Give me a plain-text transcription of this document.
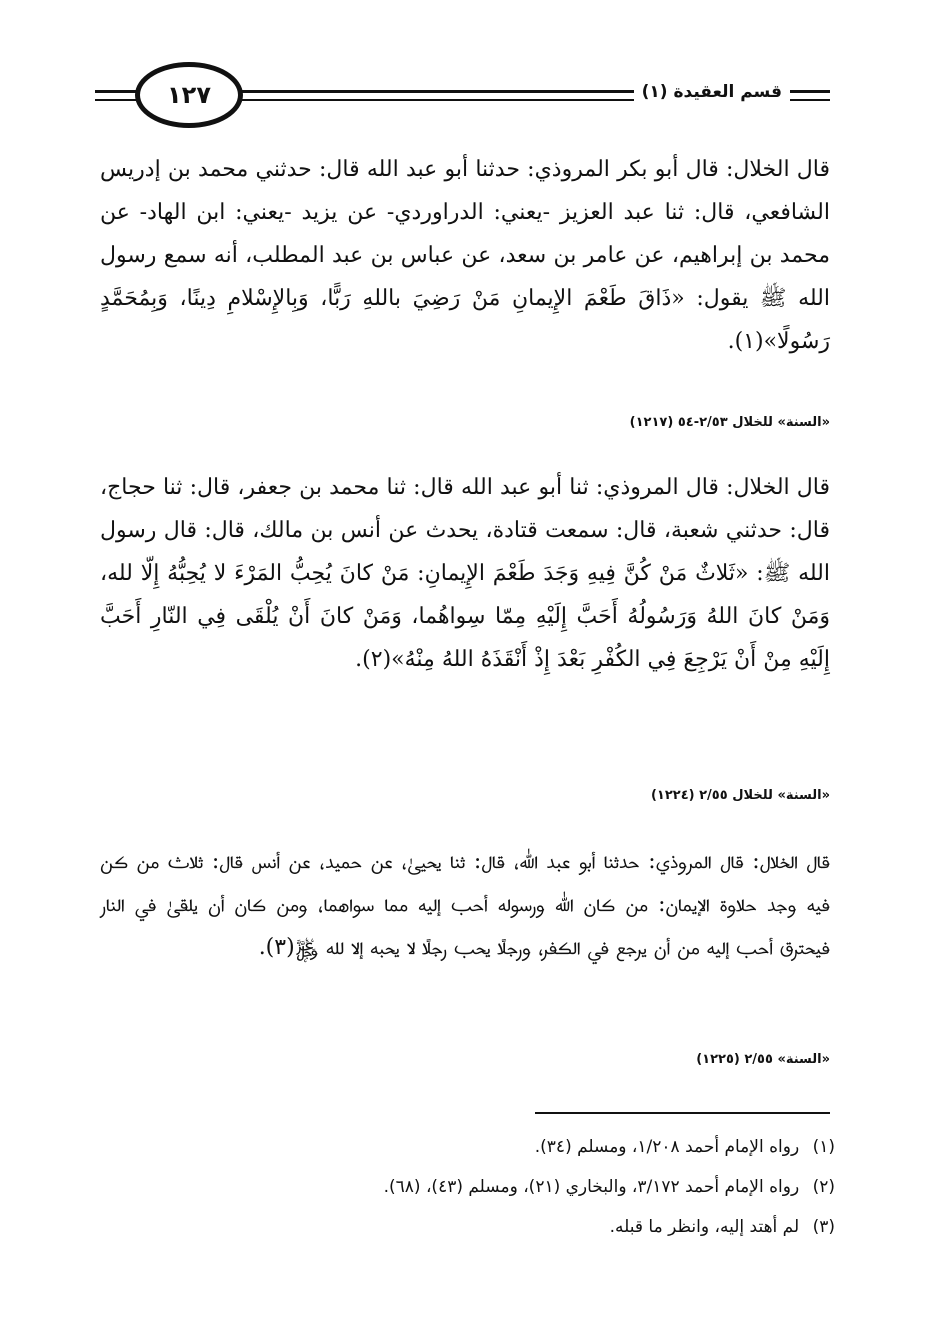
١٢٧	قسم العقيدة (١)

قال الخلال: قال أبو بكر المروذي: حدثنا أبو عبد الله قال: حدثني محمد بن إدريس الشافعي، قال: ثنا عبد العزيز -يعني: الدراوردي- عن يزيد -يعني: ابن الهاد- عن محمد بن إبراهيم، عن عامر بن سعد، عن عباس بن عبد المطلب، أنه سمع رسول الله ﷺ يقول: «ذَاقَ طَعْمَ الإِيمانِ مَنْ رَضِيَ باللهِ رَبًّا، وَبِالإِسْلامِ دِينًا، وَبِمُحَمَّدٍ رَسُولًا»(١).

«السنة» للخلال ٢/٥٣-٥٤ (١٢١٧)

قال الخلال: قال المروذي: ثنا أبو عبد الله قال: ثنا محمد بن جعفر، قال: ثنا حجاج، قال: حدثني شعبة، قال: سمعت قتادة، يحدث عن أنس بن مالك، قال: قال رسول الله ﷺ: «ثَلاثٌ مَنْ كُنَّ فِيهِ وَجَدَ طَعْمَ الإِيمانِ: مَنْ كانَ يُحِبُّ المَرْءَ لا يُحِبُّهُ إِلّا لله، وَمَنْ كانَ اللهُ وَرَسُولُهُ أَحَبَّ إِلَيْهِ مِمّا سِواهُما، وَمَنْ كانَ أَنْ يُلْقَى فِي النّارِ أَحَبَّ إِلَيْهِ مِنْ أَنْ يَرْجِعَ فِي الكُفْرِ بَعْدَ إِذْ أَنْقَذَهُ اللهُ مِنْهُ»(٢).

«السنة» للخلال ٢/٥٥ (١٢٢٤)

قال الخلال: قال المروذي: حدثنا أبو عبد الله، قال: ثنا يحيىٰ، عن حميد، عن أنس قال: ثلاث من كن فيه وجد حلاوة الإيمان: من كان الله ورسوله أحب إليه مما سواهما، ومن كان أن يلقىٰ في النار فيحترق أحب إليه من أن يرجع في الكفر، ورجلًا يحب رجلًا لا يحبه إلا لله ﷿(٣).

«السنة» ٢/٥٥ (١٢٢٥)
(١) رواه الإمام أحمد ١/٢٠٨، ومسلم (٣٤).
(٢) رواه الإمام أحمد ٣/١٧٢، والبخاري (٢١)، ومسلم (٤٣)، (٦٨).
(٣) لم أهتد إليه، وانظر ما قبله.
